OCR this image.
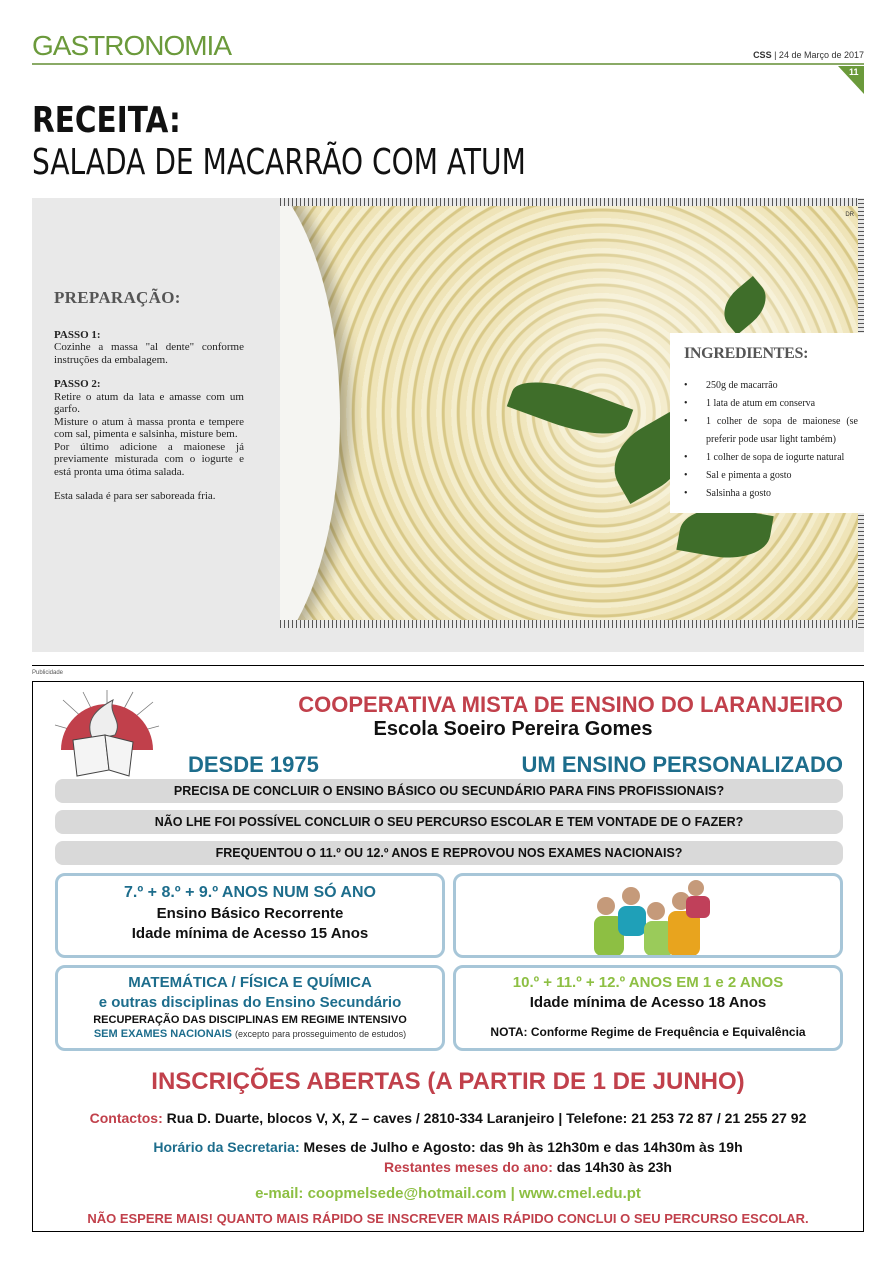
GASTRONOMIA	CSS | 24 de Março de 2017
11
RECEITA:
SALADA DE MACARRÃO COM ATUM
DR
PREPARAÇÃO:
PASSO 1:

Cozinhe a massa "al dente" conforme instruções da embalagem.

PASSO 2:

Retire o atum da lata e amasse com um garfo.

Misture o atum à massa pronta e tempere com sal, pimenta e salsinha, misture bem.

Por último adicione a maionese já previamente misturada com o iogurte e está pronta uma ótima salada.

Esta salada é para ser saboreada fria.

INGREDIENTES:
• 250g de macarrão
• 1 lata de atum em conserva
• 1 colher de sopa de maionese (se preferir pode usar light também)
• 1 colher de sopa de iogurte natural
• Sal e pimenta a gosto
• Salsinha a gosto
Publicidade
COOPERATIVA MISTA DE ENSINO DO LARANJEIRO
Escola Soeiro Pereira Gomes
DESDE 1975	UM ENSINO PERSONALIZADO
PRECISA DE CONCLUIR O ENSINO BÁSICO OU SECUNDÁRIO PARA FINS PROFISSIONAIS?
NÃO LHE FOI POSSÍVEL CONCLUIR O SEU PERCURSO ESCOLAR E TEM VONTADE DE O FAZER?
FREQUENTOU O 11.º OU 12.º ANOS E REPROVOU NOS EXAMES NACIONAIS?
7.º + 8.º + 9.º ANOS NUM SÓ ANO
Ensino Básico Recorrente
Idade mínima de Acesso 15 Anos
MATEMÁTICA / FÍSICA E QUÍMICA
e outras disciplinas do Ensino Secundário
RECUPERAÇÃO DAS DISCIPLINAS EM REGIME INTENSIVO
SEM EXAMES NACIONAIS (excepto para prosseguimento de estudos)
10.º + 11.º + 12.º ANOS EM 1 e 2 ANOS
Idade mínima de Acesso 18 Anos
NOTA: Conforme Regime de Frequência e Equivalência
INSCRIÇÕES ABERTAS (A PARTIR DE 1 DE JUNHO)
Contactos: Rua D. Duarte, blocos V, X, Z – caves / 2810-334 Laranjeiro | Telefone: 21 253 72 87 / 21 255 27 92
Horário da Secretaria: Meses de Julho e Agosto: das 9h às 12h30m e das 14h30m às 19h
Restantes meses do ano: das 14h30 às 23h
e-mail: coopmelsede@hotmail.com | www.cmel.edu.pt
NÃO ESPERE MAIS! QUANTO MAIS RÁPIDO SE INSCREVER MAIS RÁPIDO CONCLUI O SEU PERCURSO ESCOLAR.
